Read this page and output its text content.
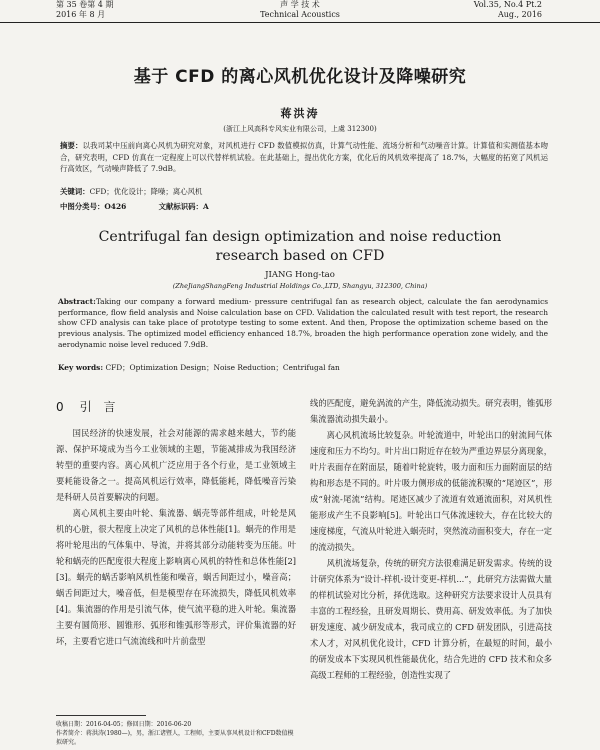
第 35 卷第 4 期
2016 年 8 月
声 学 技 术
Technical Acoustics
Vol.35, No.4 Pt.2
Aug., 2016
基于 CFD 的离心风机优化设计及降噪研究
蒋洪涛
(浙江上风高科专风实业有限公司，上虞 312300)
摘要：以我司某中压前向离心风机为研究对象，对风机进行 CFD 数值模拟仿真，计算气动性能、流场分析和气动噪音计算。计算值和实测值基本吻合，研究表明，CFD 仿真在一定程度上可以代替样机试验。在此基础上，提出优化方案，优化后的风机效率提高了 18.7%，大幅度的拓宽了风机运行高效区，气动噪声降低了 7.9dB。
关键词：CFD；优化设计；降噪；离心风机
中图分类号：O426	文献标识码：A
Centrifugal fan design optimization and noise reduction
research based on CFD
JIANG Hong-tao
(ZheJiangShangFeng Industrial Holdings Co.,LTD, Shangyu, 312300, China)
Abstract:Taking our company a forward medium- pressure centrifugal fan as research object, calculate the fan aerodynamics performance, flow field analysis and Noise calculation base on CFD. Validation the calculated result with test report, the research show CFD analysis can take place of prototype testing to some extent. And then, Propose the optimization scheme based on the previous analysis. The optimized model efficiency enhanced 18.7%, broaden the high performance operation zone widely, and the aerodynamic noise level reduced 7.9dB.
Key words: CFD；Optimization Design；Noise Reduction；Centrifugal fan
0 引 言

国民经济的快速发展，社会对能源的需求越来越大，节约能源、保护环境成为当今工业领域的主题，节能减排成为我国经济转型的重要内容。离心风机广泛应用于各个行业，是工业领域主要耗能设备之一。提高风机运行效率，降低能耗，降低噪音污染是科研人员首要解决的问题。

离心风机主要由叶轮、集流器、蜗壳等部件组成，叶轮是风机的心脏，很大程度上决定了风机的总体性能[1]。蜗壳的作用是将叶轮甩出的气体集中、导流，并将其部分动能转变为压能。叶轮和蜗壳的匹配度很大程度上影响离心风机的特性和总体性能[2][3]。蜗壳的蜗舌影响风机性能和噪音，蜗舌间距过小，噪音高；蜗舌间距过大，噪音低，但是模型存在环流损失，降低风机效率[4]。集流器的作用是引流气体，使气流平稳的进入叶轮。集流器主要有圆筒形、圆锥形、弧形和锥弧形等形式，评价集流器的好坏，主要看它进口气流流线和叶片前盘型

线的匹配度，避免涡流的产生，降低流动损失。研究表明，锥弧形集流器流动损失最小。

离心风机流场比较复杂。叶轮流道中，叶轮出口的射流间气体速度和压力不均匀。叶片出口附近存在较为严重边界层分离现象，叶片表面存在附面层，随着叶轮旋转，吸力面和压力面附面层的结构和形态是不同的。叶片吸力侧形成的低能流积聚的“尾迹区”，形成“射流-尾流”结构。尾迹区减少了流道有效通流面积，对风机性能形成产生不良影响[5]。叶轮出口气体流速较大，存在比较大的速度梯度，气流从叶轮进入蜗壳时，突然流动面积变大，存在一定的流动损失。

风机流场复杂，传统的研究方法很难满足研发需求。传统的设计研究体系为“设计-样机-设计变更-样机...”，此研究方法需做大量的样机试验对比分析，择优选取。这种研究方法要求设计人员具有丰富的工程经验，且研发周期长、费用高、研发效率低。为了加快研发速度、减少研发成本，我司成立的 CFD 研发团队，引进高技术人才，对风机优化设计，CFD 计算分析，在最短的时间，最小的研发成本下实现风机性能最优化，结合先进的 CFD 技术和众多高级工程师的工程经验，创造性实现了

收稿日期：2016-04-05；修回日期：2016-06-20
作者简介：蒋洪涛(1980—)，男，浙江诸暨人，工程师，主要从事风机设计和CFD数值模拟研究。
